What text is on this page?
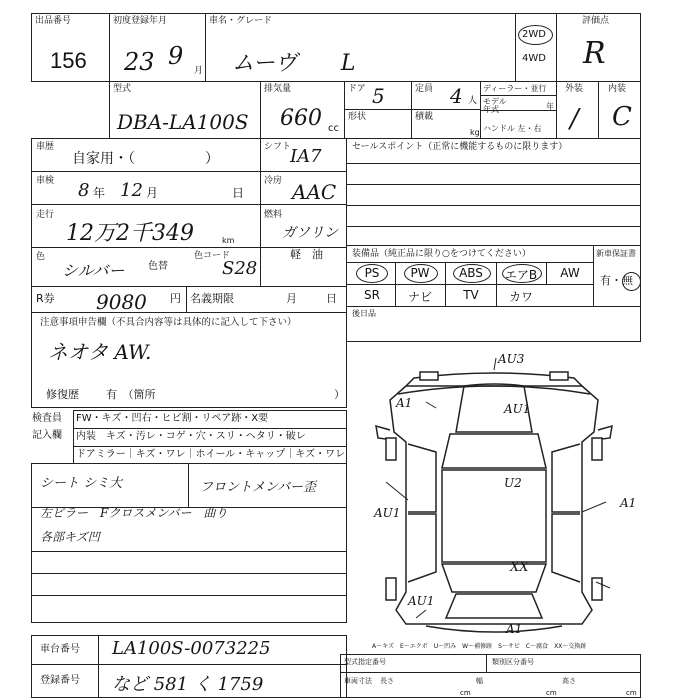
出品番号
156
初度登録年月
23 9
月
車名・グレード
ムーヴ　　L
2WD
4WD
評価点
R
型式
DBA-LA100S
排気量
660 cc
ドア 5	定員 4 人
ディーラー・並行
モデル年式	年
形状	積載
kg ハンドル 左・右
外装
/
内装
C
車歴
自家用・（　　　　　）
シフト
IA7
車検 8 年 12 月	日
冷房 AAC
走行
12万2千349	km
燃料
ガソリン
軽　油
色
シルバー 色替
色コード
S28
R券 9080 円 名義期限	月	日
セールスポイント（正常に機能するものに限ります）
装備品（純正品に限り○をつけてください）
PS	PW	ABS	エアB	AW
SR	ナビ	TV	カワ
新車保証書
有・無
後日品
注意事項申告欄（不具合内容等は具体的に記入して下さい）
ネオタ AW.
修復歴 有　（箇所	）
検査員
記入欄
FW・キズ・凹右・ヒビ割・リペア跡・X要
内装　キズ・汚レ・コゲ・穴・スリ・ヘタリ・破レ
ドアミラー｜キズ・ワレ｜ホイール・キャップ｜キズ・ワレ
シート シミ大	フロントメンバー歪
左ピラー　Fクロスメンバー　曲り
各部キズ凹
AU3
A1	AU1
U2
A1
AU1
XX
AU1
A1
A～キズ　E～エクボ　U～凹み　W～補修跡　S～サビ　C～腐食　XX～交換跡
車台番号 LA100S-0073225
登録番号 など 581 く 1759
型式指定番号	類別区分番号
車両寸法 長さ	幅	高さ
cm	cm	cm
